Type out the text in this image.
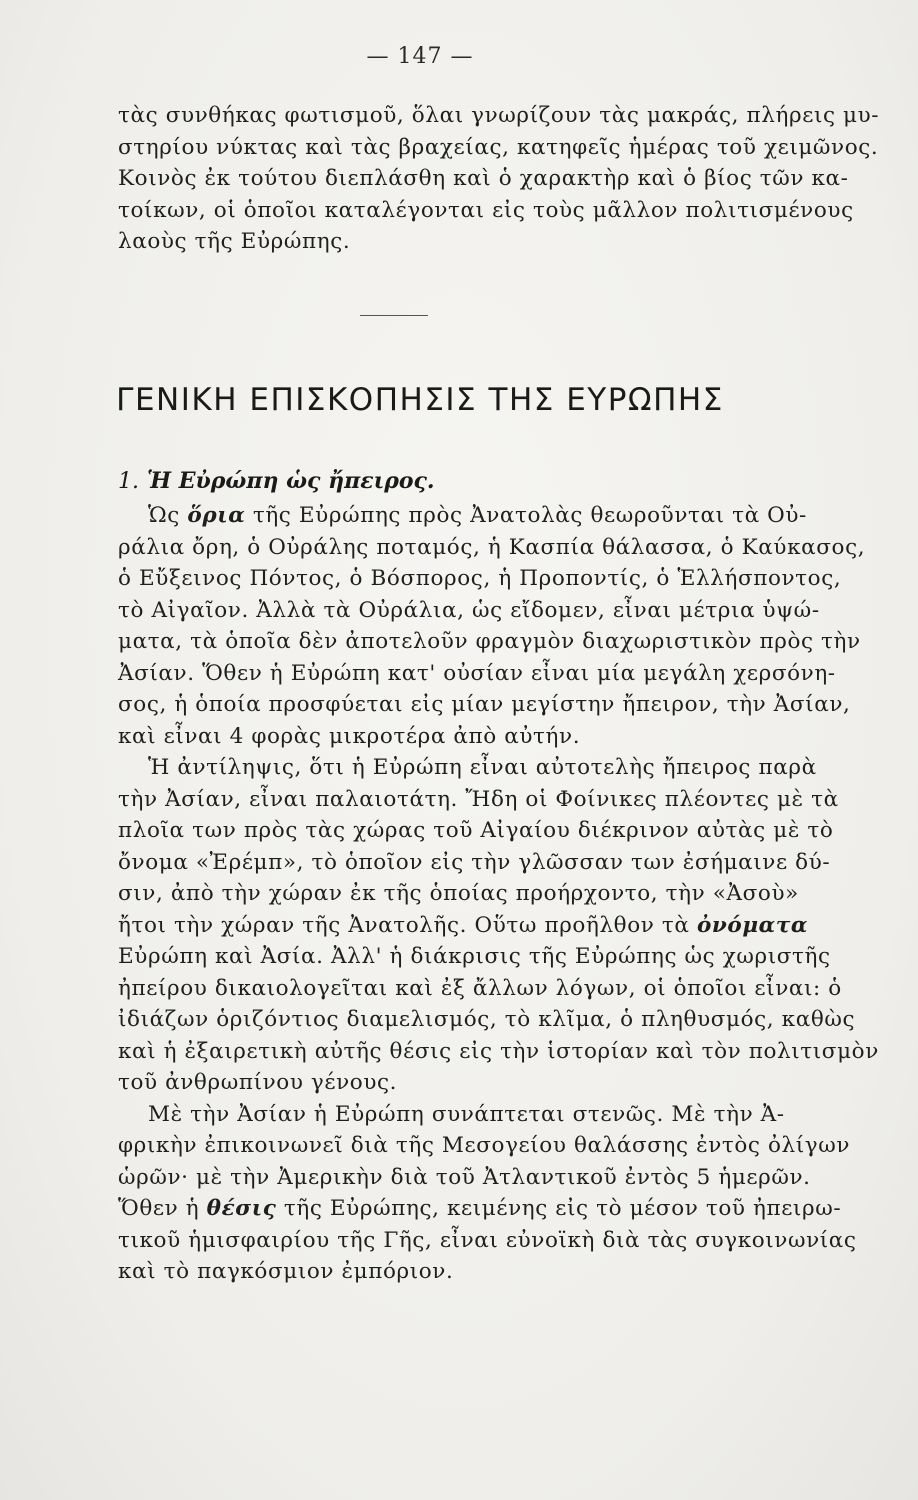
— 147 —
τὰς συνθήκας φωτισμοῦ, ὅλαι γνωρίζουν τὰς μακράς, πλήρεις μυ-
στηρίου νύκτας καὶ τὰς βραχείας, κατηφεῖς ἡμέρας τοῦ χειμῶνος.
Κοινὸς ἐκ τούτου διεπλάσθη καὶ ὁ χαρακτὴρ καὶ ὁ βίος τῶν κα-
τοίκων, οἱ ὁποῖοι καταλέγονται εἰς τοὺς μᾶλλον πολιτισμένους
λαοὺς τῆς Εὐρώπης.
ΓΕΝΙΚΗ ΕΠΙΣΚΟΠΗΣΙΣ ΤΗΣ ΕΥΡΩΠΗΣ
1. Ἡ Εὐρώπη ὡς ἤπειρος.
Ὡς ὅρια τῆς Εὐρώπης πρὸς Ἀνατολὰς θεωροῦνται τὰ Οὐ-
ράλια ὄρη, ὁ Οὐράλης ποταμός, ἡ Κασπία θάλασσα, ὁ Καύκασος,
ὁ Εὔξεινος Πόντος, ὁ Βόσπορος, ἡ Προποντίς, ὁ Ἑλλήσποντος,
τὸ Αἰγαῖον. Ἀλλὰ τὰ Οὐράλια, ὡς εἴδομεν, εἶναι μέτρια ὑψώ-
ματα, τὰ ὁποῖα δὲν ἀποτελοῦν φραγμὸν διαχωριστικὸν πρὸς τὴν
Ἀσίαν. Ὅθεν ἡ Εὐρώπη κατ' οὐσίαν εἶναι μία μεγάλη χερσόνη-
σος, ἡ ὁποία προσφύεται εἰς μίαν μεγίστην ἤπειρον, τὴν Ἀσίαν,
καὶ εἶναι 4 φορὰς μικροτέρα ἀπὸ αὐτήν.
Ἡ ἀντίληψις, ὅτι ἡ Εὐρώπη εἶναι αὐτοτελὴς ἤπειρος παρὰ
τὴν Ἀσίαν, εἶναι παλαιοτάτη. Ἤδη οἱ Φοίνικες πλέοντες μὲ τὰ
πλοῖα των πρὸς τὰς χώρας τοῦ Αἰγαίου διέκρινον αὐτὰς μὲ τὸ
ὄνομα «Ἐρέμπ», τὸ ὁποῖον εἰς τὴν γλῶσσαν των ἐσήμαινε δύ-
σιν, ἀπὸ τὴν χώραν ἐκ τῆς ὁποίας προήρχοντο, τὴν «Ἀσοὺ»
ἤτοι τὴν χώραν τῆς Ἀνατολῆς. Οὕτω προῆλθον τὰ ὀνόματα
Εὐρώπη καὶ Ἀσία. Ἀλλ' ἡ διάκρισις τῆς Εὐρώπης ὡς χωριστῆς
ἠπείρου δικαιολογεῖται καὶ ἐξ ἄλλων λόγων, οἱ ὁποῖοι εἶναι: ὁ
ἰδιάζων ὁριζόντιος διαμελισμός, τὸ κλῖμα, ὁ πληθυσμός, καθὼς
καὶ ἡ ἐξαιρετικὴ αὐτῆς θέσις εἰς τὴν ἱστορίαν καὶ τὸν πολιτισμὸν
τοῦ ἀνθρωπίνου γένους.
Μὲ τὴν Ἀσίαν ἡ Εὐρώπη συνάπτεται στενῶς. Μὲ τὴν Ἀ-
φρικὴν ἐπικοινωνεῖ διὰ τῆς Μεσογείου θαλάσσης ἐντὸς ὀλίγων
ὡρῶν· μὲ τὴν Ἀμερικὴν διὰ τοῦ Ἀτλαντικοῦ ἐντὸς 5 ἡμερῶν.
Ὅθεν ἡ θέσις τῆς Εὐρώπης, κειμένης εἰς τὸ μέσον τοῦ ἠπειρω-
τικοῦ ἡμισφαιρίου τῆς Γῆς, εἶναι εὐνοϊκὴ διὰ τὰς συγκοινωνίας
καὶ τὸ παγκόσμιον ἐμπόριον.
